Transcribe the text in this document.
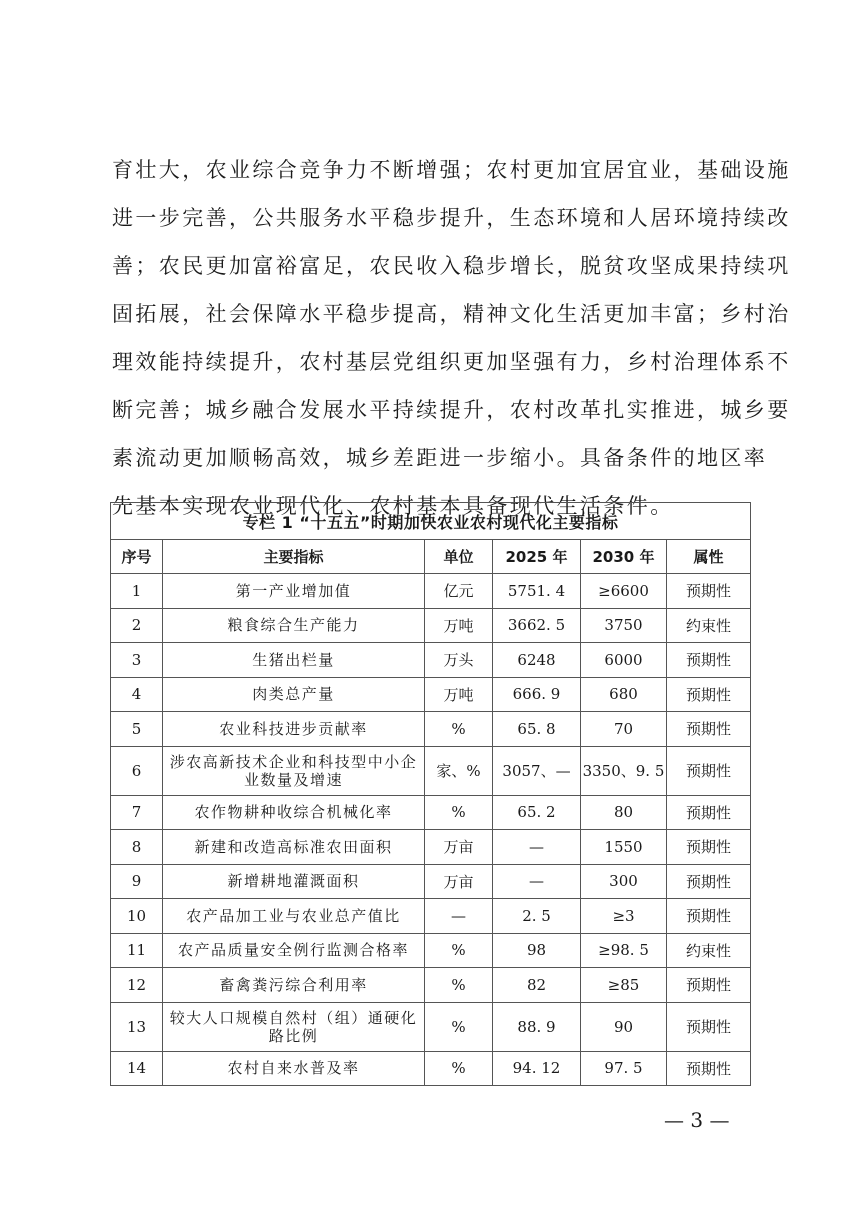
育壮大，农业综合竞争力不断增强；农村更加宜居宜业，基础设施
进一步完善，公共服务水平稳步提升，生态环境和人居环境持续改
善；农民更加富裕富足，农民收入稳步增长，脱贫攻坚成果持续巩
固拓展，社会保障水平稳步提高，精神文化生活更加丰富；乡村治
理效能持续提升，农村基层党组织更加坚强有力，乡村治理体系不
断完善；城乡融合发展水平持续提升，农村改革扎实推进，城乡要
素流动更加顺畅高效，城乡差距进一步缩小。具备条件的地区率
先基本实现农业现代化、农村基本具备现代生活条件。
专栏 1 “十五五”时期加快农业农村现代化主要指标					
序号	主要指标	单位	2025 年	2030 年	属性
1	第一产业增加值	亿元	5751. 4	≥6600	预期性
2	粮食综合生产能力	万吨	3662. 5	3750	约束性
3	生猪出栏量	万头	6248	6000	预期性
4	肉类总产量	万吨	666. 9	680	预期性
5	农业科技进步贡献率	%	65. 8	70	预期性
6	涉农高新技术企业和科技型中小企业数量及增速	家、%	3057、—	3350、9. 5	预期性
7	农作物耕种收综合机械化率	%	65. 2	80	预期性
8	新建和改造高标准农田面积	万亩	—	1550	预期性
9	新增耕地灌溉面积	万亩	—	300	预期性
10	农产品加工业与农业总产值比	—	2. 5	≥3	预期性
11	农产品质量安全例行监测合格率	%	98	≥98. 5	约束性
12	畜禽粪污综合利用率	%	82	≥85	预期性
13	较大人口规模自然村（组）通硬化路比例	%	88. 9	90	预期性
14	农村自来水普及率	%	94. 12	97. 5	预期性
— 3 —
